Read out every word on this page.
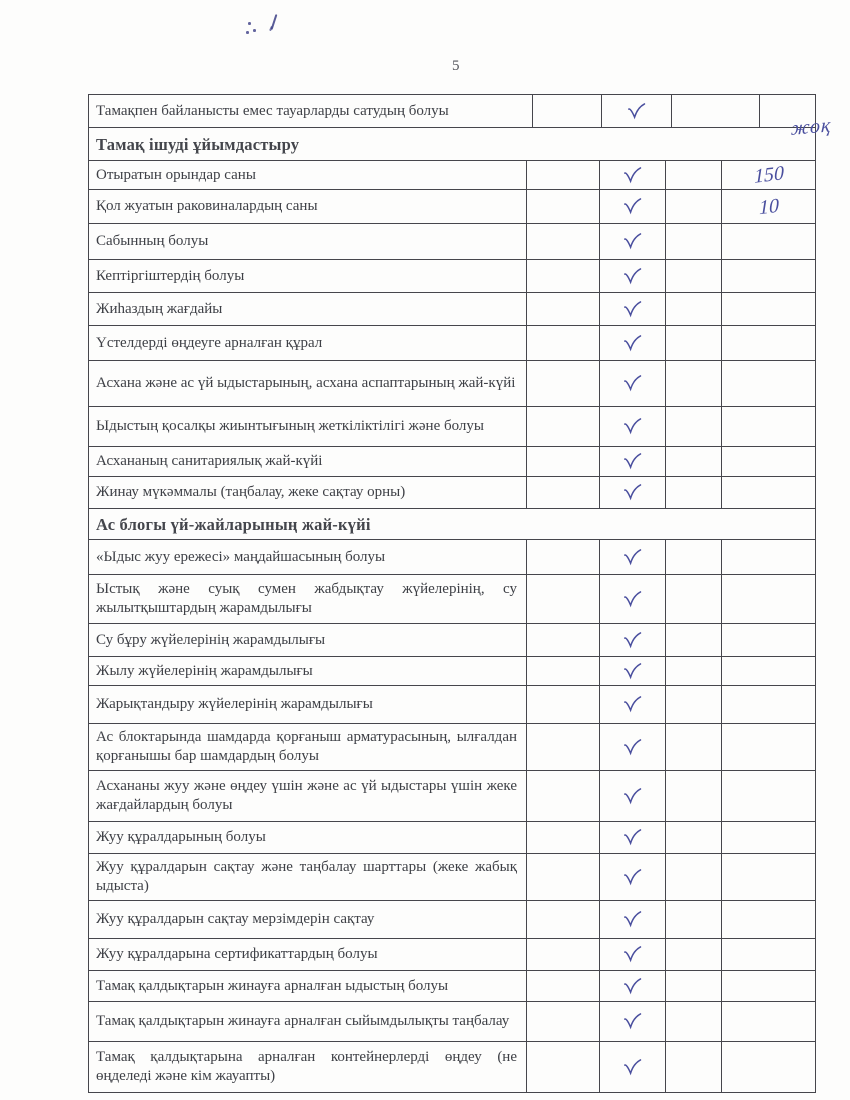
5

Тамақпен байланысты емес тауарларды сатудың болуы

жоқ

Тамақ ішуді ұйымдастыру

Отыратын орындар саны	150

Қол жуатын раковиналардың саны	10

Сабынның болуы

Кептіргіштердің болуы

Жиһаздың жағдайы

Үстелдерді өңдеуге арналған құрал

Асхана және ас үй ыдыстарының, асхана аспаптарының жай-күйі

Ыдыстың қосалқы жиынтығының жеткіліктілігі және болуы

Асхананың санитариялық жай-күйі

Жинау мүкәммалы (таңбалау, жеке сақтау орны)

Ас блогы үй-жайларының жай-күйі

«Ыдыс жуу ережесі» маңдайшасының болуы

Ыстық және суық сумен жабдықтау жүйелерінің, су жылытқыштардың жарамдылығы

Су бұру жүйелерінің жарамдылығы

Жылу жүйелерінің жарамдылығы

Жарықтандыру жүйелерінің жарамдылығы

Ас блоктарында шамдарда қорғаныш арматурасының, ылғалдан қорғанышы бар шамдардың болуы

Асхананы жуу және өңдеу үшін және ас үй ыдыстары үшін жеке жағдайлардың болуы

Жуу құралдарының болуы

Жуу құралдарын сақтау және таңбалау шарттары (жеке жабық ыдыста)

Жуу құралдарын сақтау мерзімдерін сақтау

Жуу құралдарына сертификаттардың болуы

Тамақ қалдықтарын жинауға арналған ыдыстың болуы

Тамақ қалдықтарын жинауға арналған сыйымдылықты таңбалау

Тамақ қалдықтарына арналған контейнерлерді өңдеу (не өңделеді және кім жауапты)
